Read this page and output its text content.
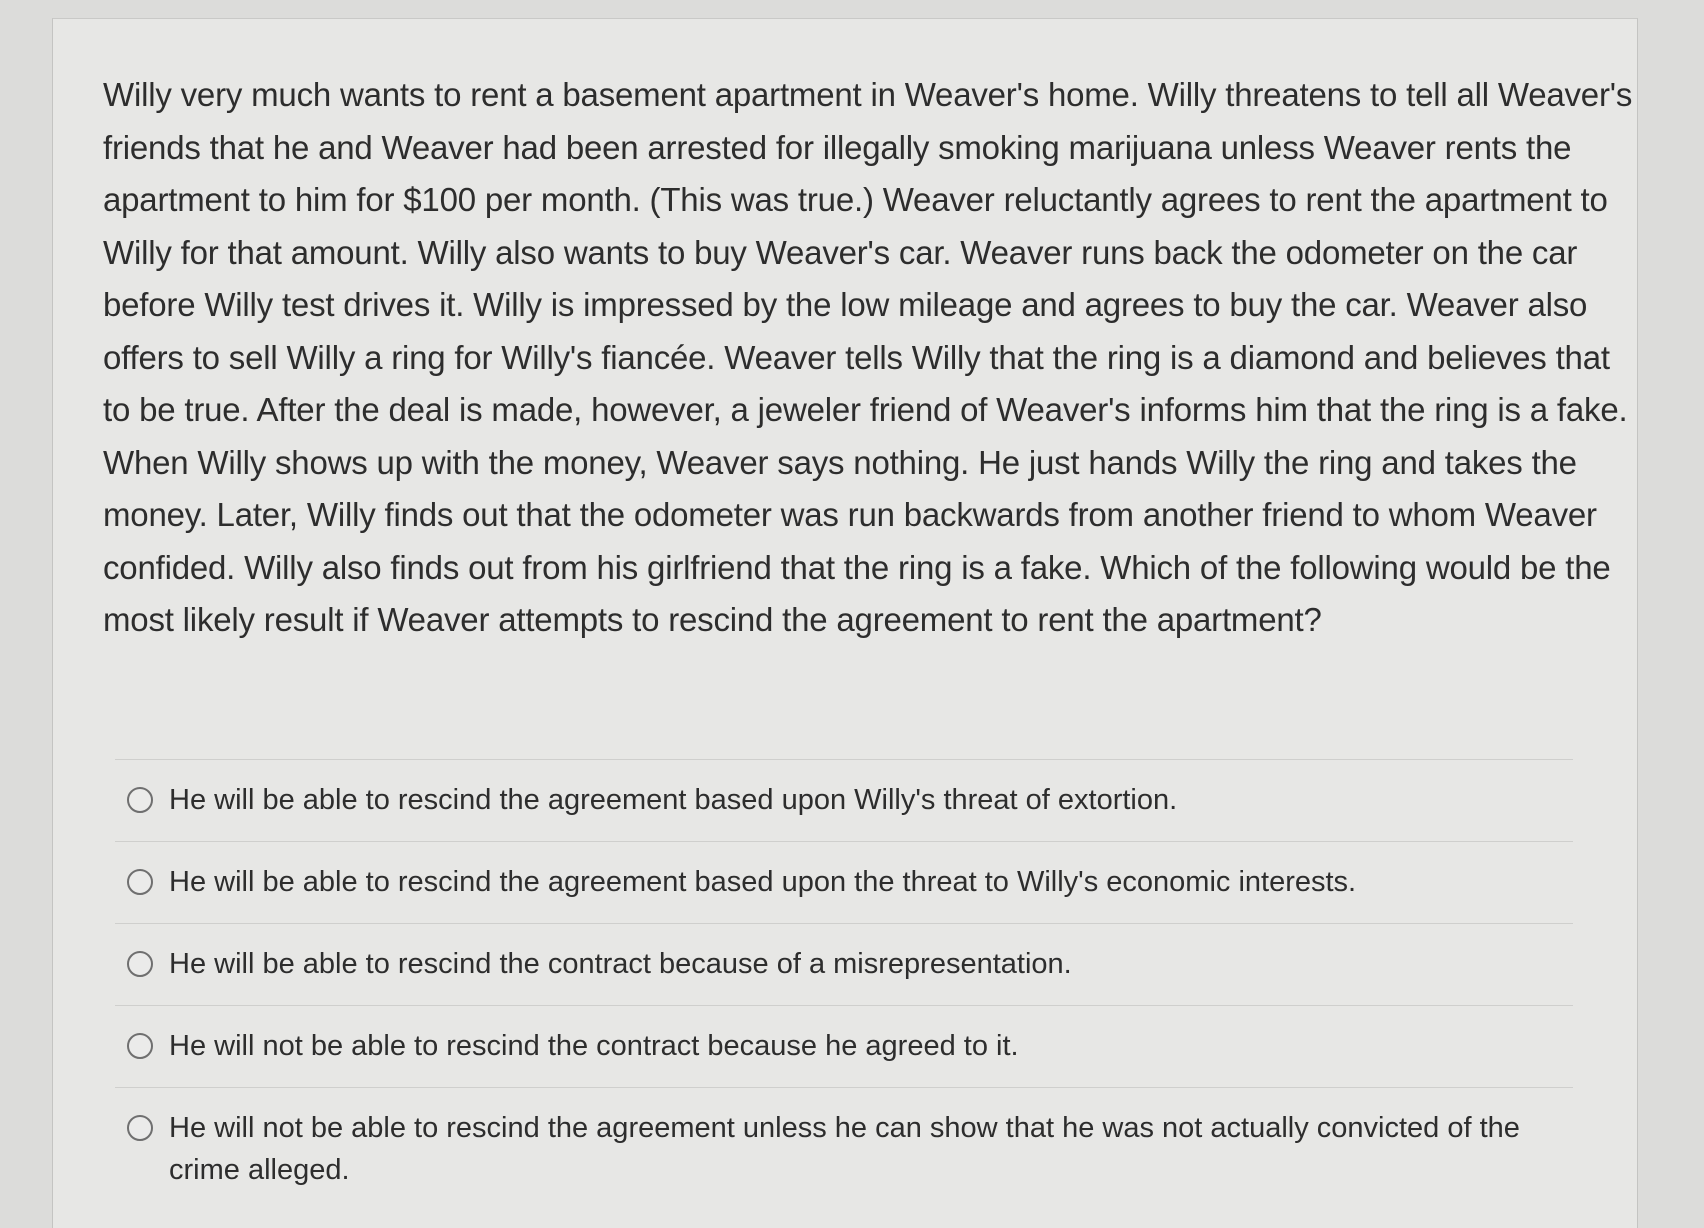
Willy very much wants to rent a basement apartment in Weaver's home. Willy threatens to tell all Weaver's friends that he and Weaver had been arrested for illegally smoking marijuana unless Weaver rents the apartment to him for $100 per month. (This was true.) Weaver reluctantly agrees to rent the apartment to Willy for that amount. Willy also wants to buy Weaver's car. Weaver runs back the odometer on the car before Willy test drives it. Willy is impressed by the low mileage and agrees to buy the car. Weaver also offers to sell Willy a ring for Willy's fiancée. Weaver tells Willy that the ring is a diamond and believes that to be true. After the deal is made, however, a jeweler friend of Weaver's informs him that the ring is a fake. When Willy shows up with the money, Weaver says nothing. He just hands Willy the ring and takes the money. Later, Willy finds out that the odometer was run backwards from another friend to whom Weaver confided. Willy also finds out from his girlfriend that the ring is a fake. Which of the following would be the most likely result if Weaver attempts to rescind the agreement to rent the apartment?

He will be able to rescind the agreement based upon Willy's threat of extortion.
He will be able to rescind the agreement based upon the threat to Willy's economic interests.
He will be able to rescind the contract because of a misrepresentation.
He will not be able to rescind the contract because he agreed to it.
He will not be able to rescind the agreement unless he can show that he was not actually convicted of the crime alleged.
